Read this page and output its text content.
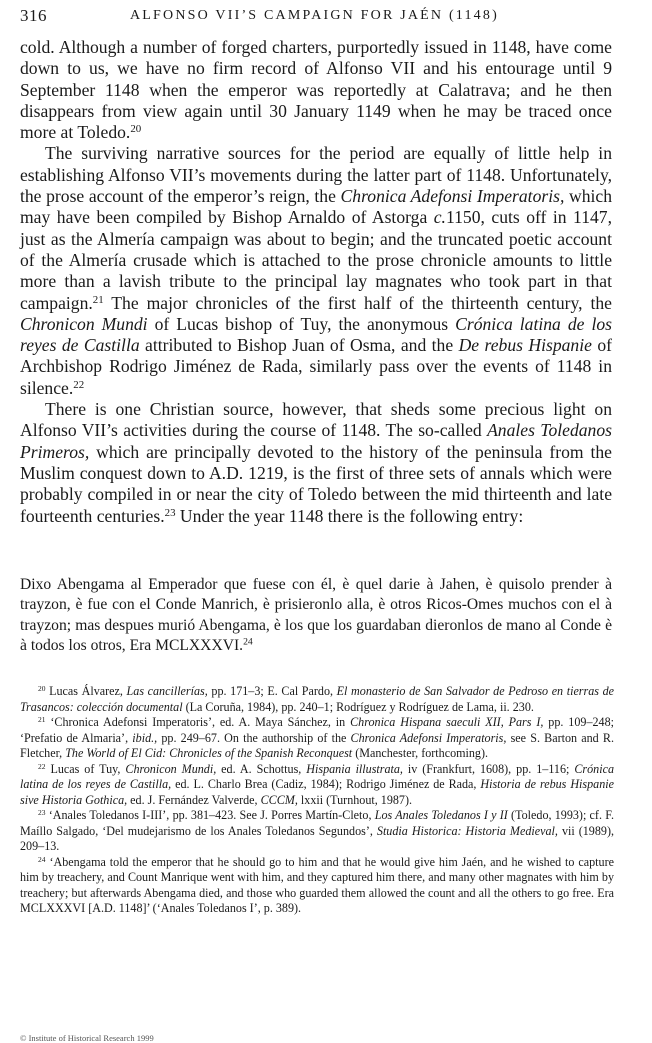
316	ALFONSO VII’S CAMPAIGN FOR JAÉN (1148)

cold. Although a number of forged charters, purportedly issued in 1148, have come down to us, we have no firm record of Alfonso VII and his entourage until 9 September 1148 when the emperor was reportedly at Calatrava; and he then disappears from view again until 30 January 1149 when he may be traced once more at Toledo.$^{20}$

The surviving narrative sources for the period are equally of little help in establishing Alfonso VII’s movements during the latter part of 1148. Unfortunately, the prose account of the emperor’s reign, the Chronica Adefonsi Imperatoris, which may have been compiled by Bishop Arnaldo of Astorga c.1150, cuts off in 1147, just as the Almería campaign was about to begin; and the truncated poetic account of the Almería crusade which is attached to the prose chronicle amounts to little more than a lavish tribute to the principal lay magnates who took part in that campaign.$^{21}$ The major chronicles of the first half of the thirteenth century, the Chronicon Mundi of Lucas bishop of Tuy, the anonymous Crónica latina de los reyes de Castilla attributed to Bishop Juan of Osma, and the De rebus Hispanie of Archbishop Rodrigo Jiménez de Rada, similarly pass over the events of 1148 in silence.$^{22}$

There is one Christian source, however, that sheds some precious light on Alfonso VII’s activities during the course of 1148. The so-called Anales Toledanos Primeros, which are principally devoted to the history of the peninsula from the Muslim conquest down to A.D. 1219, is the first of three sets of annals which were probably compiled in or near the city of Toledo between the mid thirteenth and late fourteenth centuries.$^{23}$ Under the year 1148 there is the following entry:

Dixo Abengama al Emperador que fuese con él, è quel darie à Jahen, è quisolo prender à trayzon, è fue con el Conde Manrich, è prisieronlo alla, è otros Ricos-Omes muchos con el à trayzon; mas despues murió Abengama, è los que los guardaban dieronlos de mano al Conde è à todos los otros, Era MCLXXXVI.$^{24}$

$^{20}$ Lucas Álvarez, Las cancillerías, pp. 171–3; E. Cal Pardo, El monasterio de San Salvador de Pedroso en tierras de Trasancos: colección documental (La Coruña, 1984), pp. 240–1; Rodríguez y Rodríguez de Lama, ii. 230.

$^{21}$ ‘Chronica Adefonsi Imperatoris’, ed. A. Maya Sánchez, in Chronica Hispana saeculi XII, Pars I, pp. 109–248; ‘Prefatio de Almaria’, ibid., pp. 249–67. On the authorship of the Chronica Adefonsi Imperatoris, see S. Barton and R. Fletcher, The World of El Cid: Chronicles of the Spanish Reconquest (Manchester, forthcoming).

$^{22}$ Lucas of Tuy, Chronicon Mundi, ed. A. Schottus, Hispania illustrata, iv (Frankfurt, 1608), pp. 1–116; Crónica latina de los reyes de Castilla, ed. L. Charlo Brea (Cadiz, 1984); Rodrigo Jiménez de Rada, Historia de rebus Hispanie sive Historia Gothica, ed. J. Fernández Valverde, CCCM, lxxii (Turnhout, 1987).

$^{23}$ ‘Anales Toledanos I-III’, pp. 381–423. See J. Porres Martín-Cleto, Los Anales Toledanos I y II (Toledo, 1993); cf. F. Maíllo Salgado, ‘Del mudejarismo de los Anales Toledanos Segundos’, Studia Historica: Historia Medieval, vii (1989), 209–13.

$^{24}$ ‘Abengama told the emperor that he should go to him and that he would give him Jaén, and he wished to capture him by treachery, and Count Manrique went with him, and they captured him there, and many other magnates with him by treachery; but afterwards Abengama died, and those who guarded them allowed the count and all the others to go free. Era MCLXXXVI [A.D. 1148]’ (‘Anales Toledanos I’, p. 389).

© Institute of Historical Research 1999
